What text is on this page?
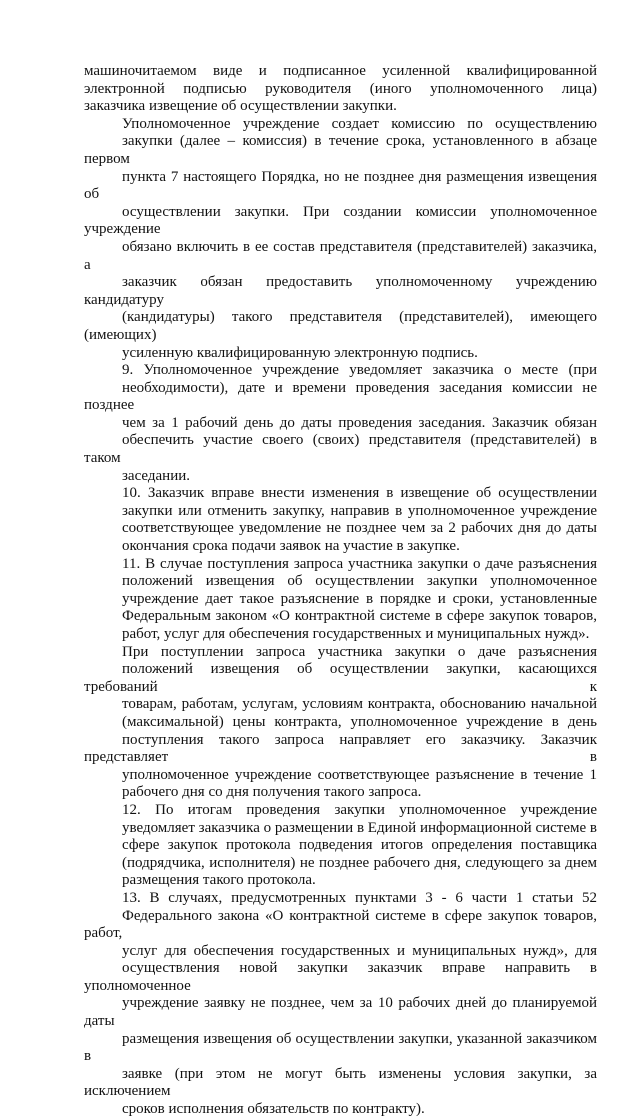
машиночитаемом виде и подписанное усиленной квалифицированной
электронной подписью руководителя (иного уполномоченного лица)
заказчика извещение об осуществлении закупки.

Уполномоченное учреждение создает комиссию по осуществлению
закупки (далее – комиссия) в течение срока, установленного в абзаце первом
пункта 7 настоящего Порядка, но не позднее дня размещения извещения об
осуществлении закупки. При создании комиссии уполномоченное учреждение
обязано включить в ее состав представителя (представителей) заказчика, а
заказчик обязан предоставить уполномоченному учреждению кандидатуру
(кандидатуры) такого представителя (представителей), имеющего (имеющих)
усиленную квалифицированную электронную подпись.

9. Уполномоченное учреждение уведомляет заказчика о месте (при
необходимости), дате и времени проведения заседания комиссии не позднее
чем за 1 рабочий день до даты проведения заседания. Заказчик обязан
обеспечить участие своего (своих) представителя (представителей) в таком
заседании.

10. Заказчик вправе внести изменения в извещение об осуществлении
закупки или отменить закупку, направив в уполномоченное учреждение
соответствующее уведомление не позднее чем за 2 рабочих дня до даты
окончания срока подачи заявок на участие в закупке.

11. В случае поступления запроса участника закупки о даче разъяснения
положений извещения об осуществлении закупки уполномоченное
учреждение дает такое разъяснение в порядке и сроки, установленные
Федеральным законом «О контрактной системе в сфере закупок товаров,
работ, услуг для обеспечения государственных и муниципальных нужд».

При поступлении запроса участника закупки о даче разъяснения
положений извещения об осуществлении закупки, касающихся требований к
товарам, работам, услугам, условиям контракта, обоснованию начальной
(максимальной) цены контракта, уполномоченное учреждение в день
поступления такого запроса направляет его заказчику. Заказчик представляет в
уполномоченное учреждение соответствующее разъяснение в течение 1
рабочего дня со дня получения такого запроса.

12. По итогам проведения закупки уполномоченное учреждение
уведомляет заказчика о размещении в Единой информационной системе в
сфере закупок протокола подведения итогов определения поставщика
(подрядчика, исполнителя) не позднее рабочего дня, следующего за днем
размещения такого протокола.

13. В случаях, предусмотренных пунктами 3 - 6 части 1 статьи 52
Федерального закона «О контрактной системе в сфере закупок товаров, работ,
услуг для обеспечения государственных и муниципальных нужд», для
осуществления новой закупки заказчик вправе направить в уполномоченное
учреждение заявку не позднее, чем за 10 рабочих дней до планируемой даты
размещения извещения об осуществлении закупки, указанной заказчиком в
заявке (при этом не могут быть изменены условия закупки, за исключением
сроков исполнения обязательств по контракту).
